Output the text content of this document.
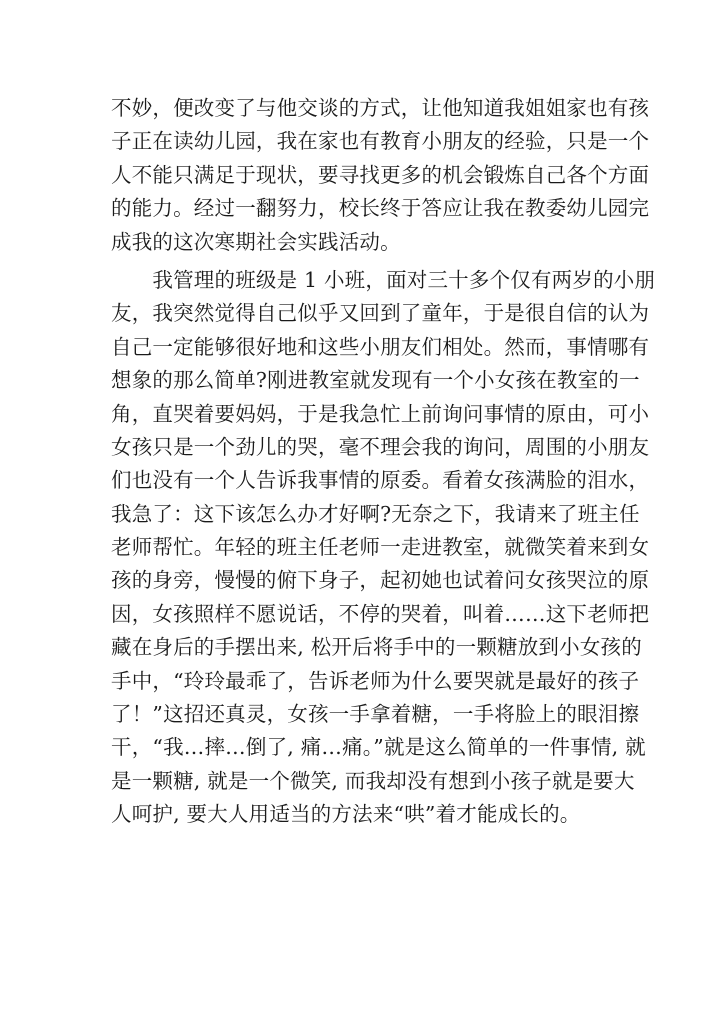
不妙，便改变了与他交谈的方式，让他知道我姐姐家也有孩
子正在读幼儿园，我在家也有教育小朋友的经验，只是一个
人不能只满足于现状，要寻找更多的机会锻炼自己各个方面
的能力。经过一翻努力，校长终于答应让我在教委幼儿园完
成我的这次寒期社会实践活动。
　　我管理的班级是 1 小班，面对三十多个仅有两岁的小朋
友，我突然觉得自己似乎又回到了童年，于是很自信的认为
自己一定能够很好地和这些小朋友们相处。然而，事情哪有
想象的那么简单?刚进教室就发现有一个小女孩在教室的一
角，直哭着要妈妈，于是我急忙上前询问事情的原由，可小
女孩只是一个劲儿的哭，毫不理会我的询问，周围的小朋友
们也没有一个人告诉我事情的原委。看着女孩满脸的泪水，
我急了：这下该怎么办才好啊?无奈之下，我请来了班主任
老师帮忙。年轻的班主任老师一走进教室，就微笑着来到女
孩的身旁，慢慢的俯下身子，起初她也试着问女孩哭泣的原
因，女孩照样不愿说话，不停的哭着，叫着……这下老师把
藏在身后的手摆出来, 松开后将手中的一颗糖放到小女孩的
手中，“玲玲最乖了，告诉老师为什么要哭就是最好的孩子
了！”这招还真灵，女孩一手拿着糖，一手将脸上的眼泪擦
干，“我…摔…倒了, 痛…痛。”就是这么简单的一件事情, 就
是一颗糖, 就是一个微笑, 而我却没有想到小孩子就是要大
人呵护, 要大人用适当的方法来“哄”着才能成长的。
